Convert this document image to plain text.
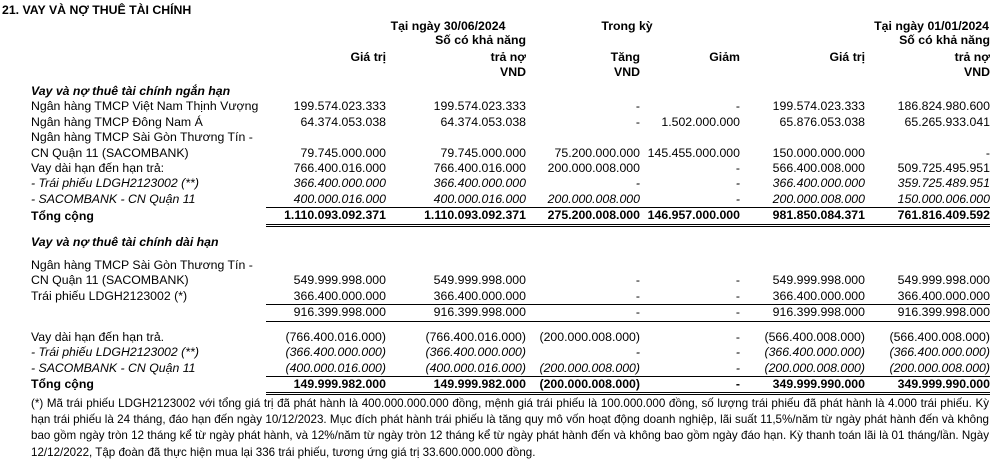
21. VAY VÀ NỢ THUÊ TÀI CHÍNH
Tại ngày 30/06/2024	Trong kỳ	Tại ngày 01/01/2024
Số có khả năng	Số có khả năng
Giá trị	trả nợ	Tăng	Giảm	Giá trị	trả nợ
VND	VND	VND
Vay và nợ thuê tài chính ngắn hạn							
Ngân hàng TMCP Việt Nam Thịnh Vượng	199.574.023.333	199.574.023.333	-	-	199.574.023.333	186.824.980.600	
Ngân hàng TMCP Đông Nam Á	64.374.053.038	64.374.053.038	-	1.502.000.000	65.876.053.038	65.265.933.041	
Ngân hàng TMCP Sài Gòn Thương Tín -							
CN Quận 11 (SACOMBANK)	79.745.000.000	79.745.000.000	75.200.000.000	145.455.000.000	150.000.000.000	-	
Vay dài hạn đến hạn trả:	766.400.016.000	766.400.016.000	200.000.008.000	-	566.400.008.000	509.725.495.951	
- Trái phiếu LDGH2123002 (**)	366.400.000.000	366.400.000.000	-	-	366.400.000.000	359.725.489.951	
- SACOMBANK - CN Quận 11	400.000.016.000	400.000.016.000	200.000.008.000	-	200.000.008.000	150.000.006.000	
Tổng cộng	1.110.093.092.371	1.110.093.092.371	275.200.008.000	146.957.000.000	981.850.084.371	761.816.409.592	

Vay và nợ thuê tài chính dài hạn							

Ngân hàng TMCP Sài Gòn Thương Tín -							
CN Quận 11 (SACOMBANK)	549.999.998.000	549.999.998.000	-	-	549.999.998.000	549.999.998.000	
Trái phiếu LDGH2123002 (*)	366.400.000.000	366.400.000.000	-	-	366.400.000.000	366.400.000.000	
	916.399.998.000	916.399.998.000	-	-	916.399.998.000	916.399.998.000	

Vay dài hạn đến hạn trả.	(766.400.016.000)	(766.400.016.000)	(200.000.008.000)	-	(566.400.008.000)	(566.400.008.000)	
- Trái phiếu LDGH2123002 (**)	(366.400.000.000)	(366.400.000.000)	-	-	(366.400.000.000)	(366.400.000.000)	
- SACOMBANK - CN Quận 11	(400.000.016.000)	(400.000.016.000)	(200.000.008.000)	-	(200.000.008.000)	(200.000.008.000)	
Tổng cộng	149.999.982.000	149.999.982.000	(200.000.008.000)	-	349.999.990.000	349.999.990.000	
(*) Mã trái phiếu LDGH2123002 với tổng giá trị đã phát hành là 400.000.000.000 đồng, mệnh giá trái phiếu là 100.000.000 đồng, số lượng trái phiếu đã phát hành là 4.000 trái phiếu. Kỳ hạn trái phiếu là 24 tháng, đáo hạn đến ngày 10/12/2023. Mục đích phát hành trái phiếu là tăng quy mô vốn hoạt động doanh nghiệp, lãi suất 11,5%/năm từ ngày phát hành đến và không bao gồm ngày tròn 12 tháng kể từ ngày phát hành, và 12%/năm từ ngày tròn 12 tháng kể từ ngày phát hành đến và không bao gồm ngày đáo hạn. Kỳ thanh toán lãi là 01 tháng/lần. Ngày 12/12/2022, Tập đoàn đã thực hiện mua lại 336 trái phiếu, tương ứng giá trị 33.600.000.000 đồng.
